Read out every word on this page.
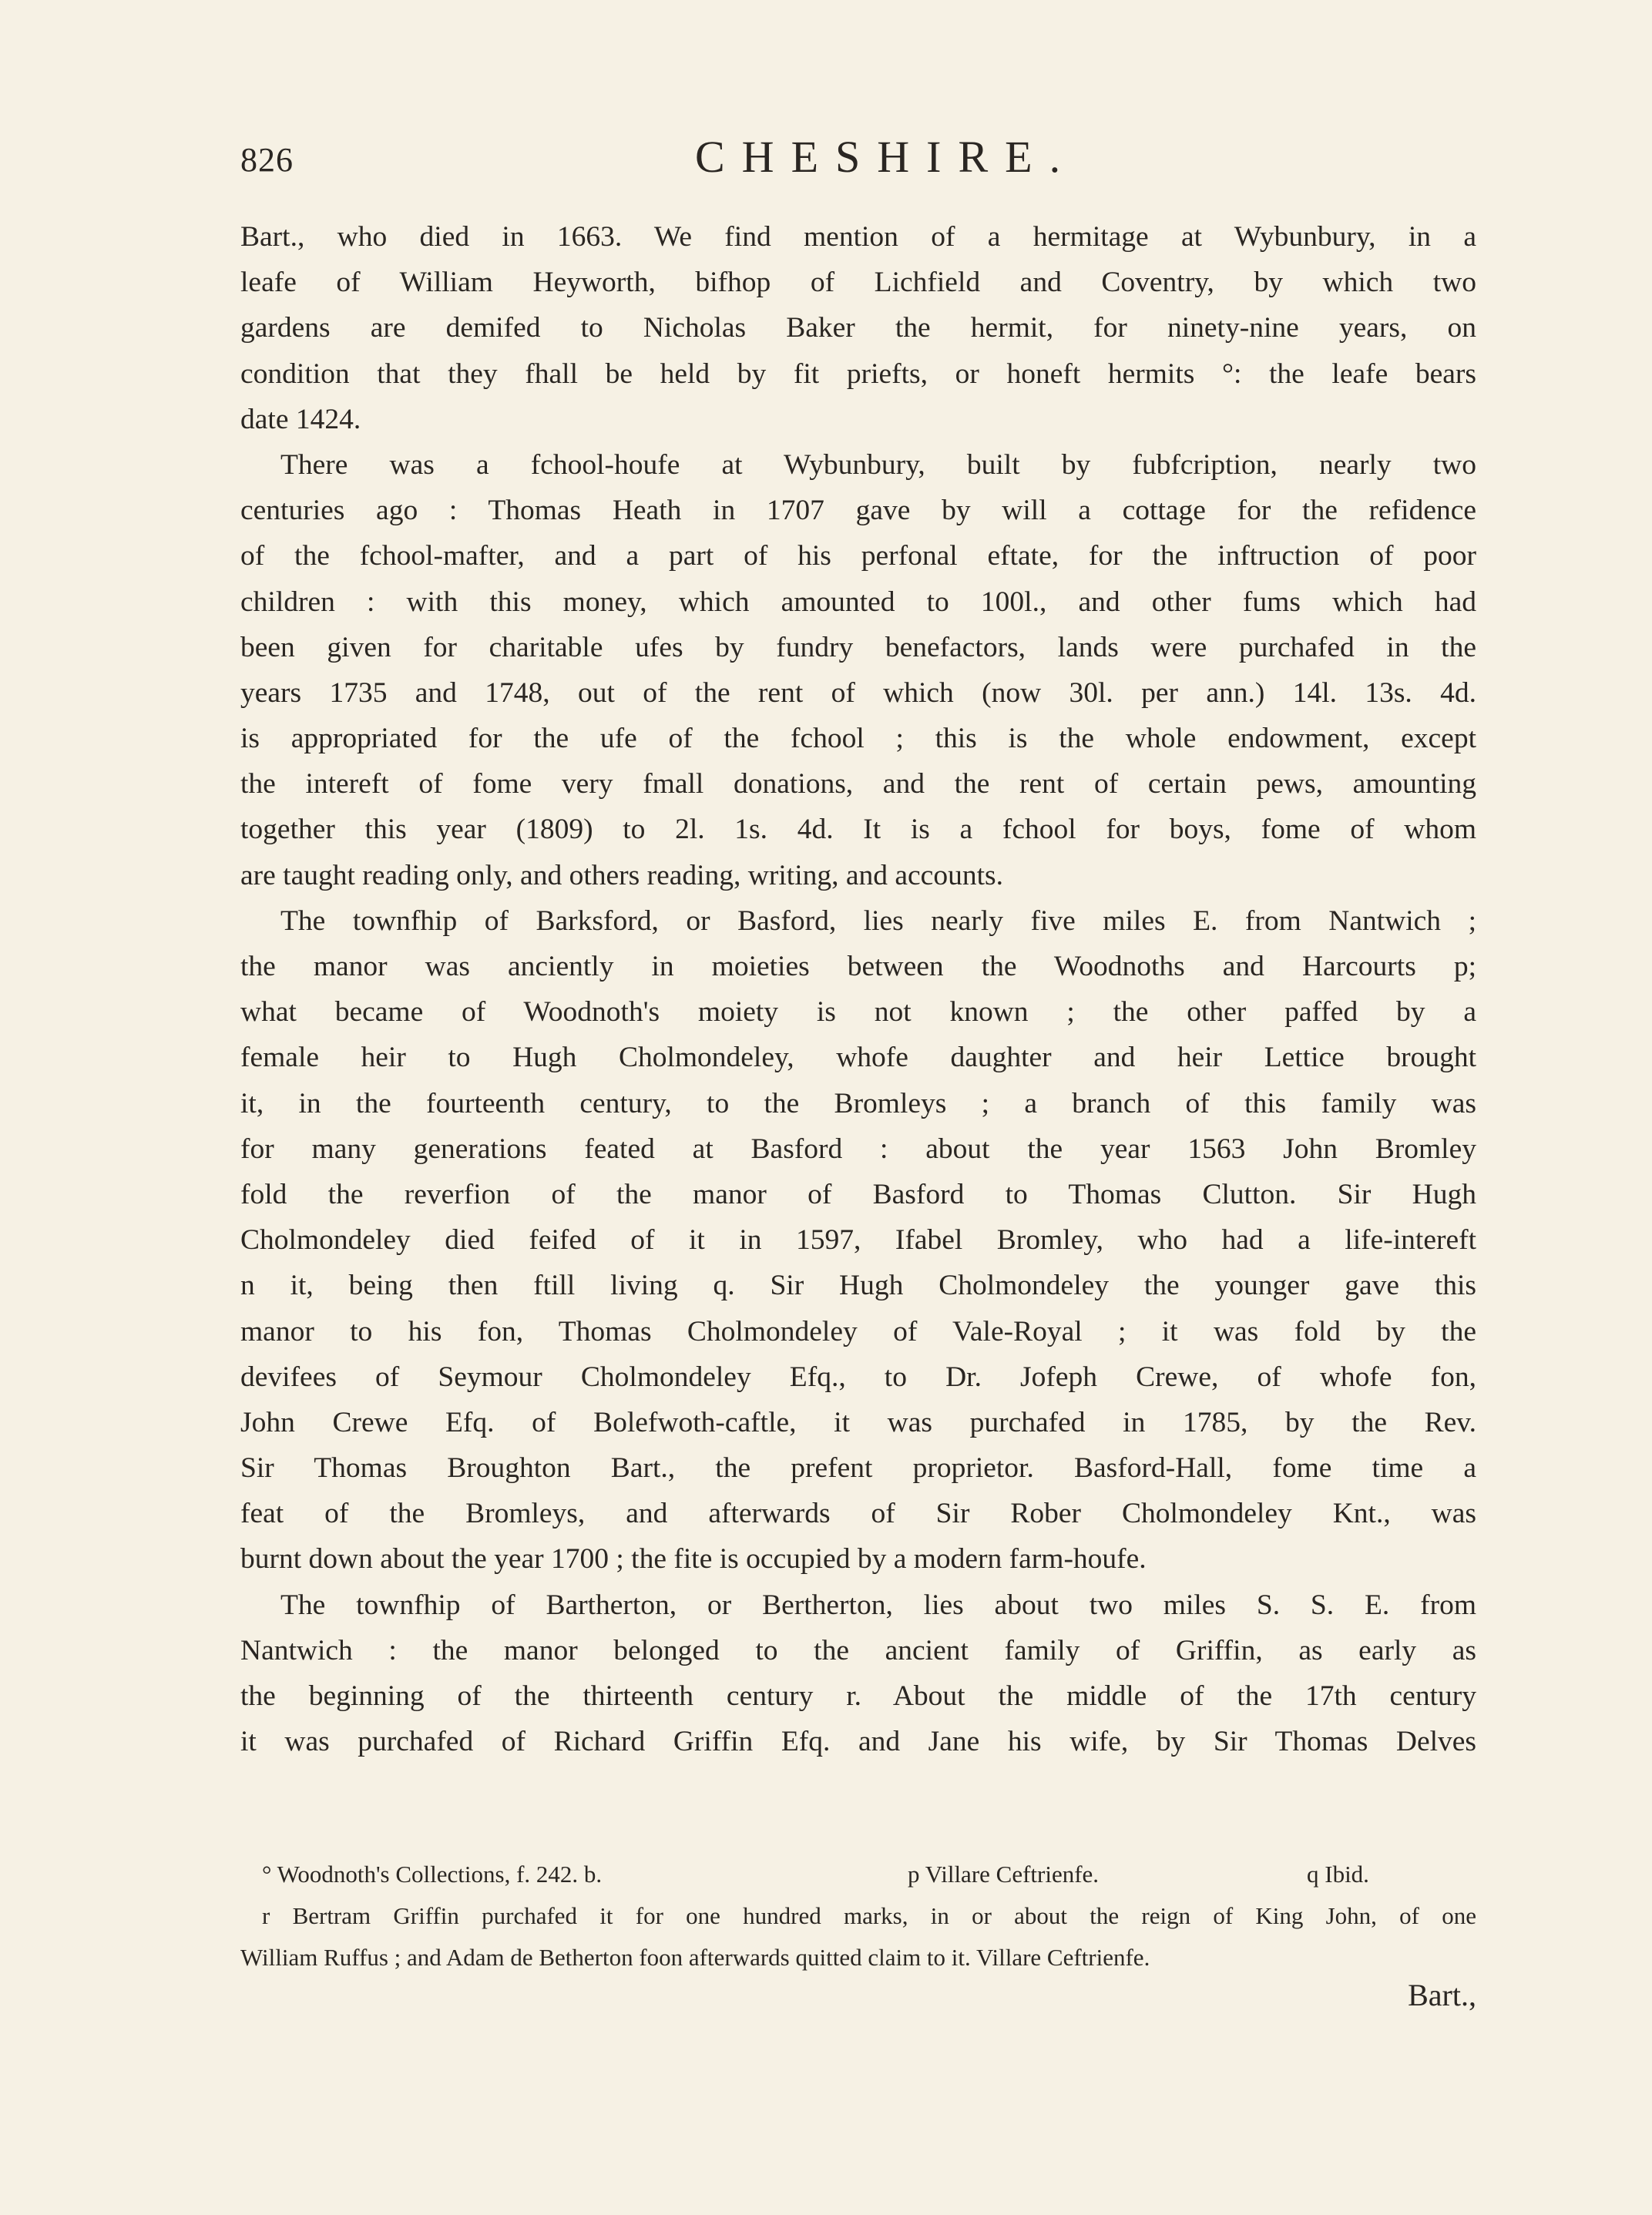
826	CHESHIRE.
Bart., who died in 1663. We find mention of a hermitage at Wybunbury, in a
leafe of William Heyworth, bifhop of Lichfield and Coventry, by which two
gardens are demifed to Nicholas Baker the hermit, for ninety-nine years, on
condition that they fhall be held by fit priefts, or honeft hermits °: the leafe bears
date 1424.
There was a fchool-houfe at Wybunbury, built by fubfcription, nearly two
centuries ago : Thomas Heath in 1707 gave by will a cottage for the refidence
of the fchool-mafter, and a part of his perfonal eftate, for the inftruction of poor
children : with this money, which amounted to 100l., and other fums which had
been given for charitable ufes by fundry benefactors, lands were purchafed in the
years 1735 and 1748, out of the rent of which (now 30l. per ann.) 14l. 13s. 4d.
is appropriated for the ufe of the fchool ; this is the whole endowment, except
the intereft of fome very fmall donations, and the rent of certain pews, amounting
together this year (1809) to 2l. 1s. 4d. It is a fchool for boys, fome of whom
are taught reading only, and others reading, writing, and accounts.
The townfhip of Barksford, or Basford, lies nearly five miles E. from Nantwich ;
the manor was anciently in moieties between the Woodnoths and Harcourts p;
what became of Woodnoth's moiety is not known ; the other paffed by a
female heir to Hugh Cholmondeley, whofe daughter and heir Lettice brought
it, in the fourteenth century, to the Bromleys ; a branch of this family was
for many generations feated at Basford : about the year 1563 John Bromley
fold the reverfion of the manor of Basford to Thomas Clutton. Sir Hugh
Cholmondeley died feifed of it in 1597, Ifabel Bromley, who had a life-intereft
n it, being then ftill living q. Sir Hugh Cholmondeley the younger gave this
manor to his fon, Thomas Cholmondeley of Vale-Royal ; it was fold by the
devifees of Seymour Cholmondeley Efq., to Dr. Jofeph Crewe, of whofe fon,
John Crewe Efq. of Bolefwoth-caftle, it was purchafed in 1785, by the Rev.
Sir Thomas Broughton Bart., the prefent proprietor. Basford-Hall, fome time a
feat of the Bromleys, and afterwards of Sir Rober Cholmondeley Knt., was
burnt down about the year 1700 ; the fite is occupied by a modern farm-houfe.
The townfhip of Bartherton, or Bertherton, lies about two miles S. S. E. from
Nantwich : the manor belonged to the ancient family of Griffin, as early as
the beginning of the thirteenth century r. About the middle of the 17th century
it was purchafed of Richard Griffin Efq. and Jane his wife, by Sir Thomas Delves
° Woodnoth's Collections, f. 242. b.	p Villare Ceftrienfe.	q Ibid.
r Bertram Griffin purchafed it for one hundred marks, in or about the reign of King John, of one
William Ruffus ; and Adam de Betherton foon afterwards quitted claim to it. Villare Ceftrienfe.
Bart.,
